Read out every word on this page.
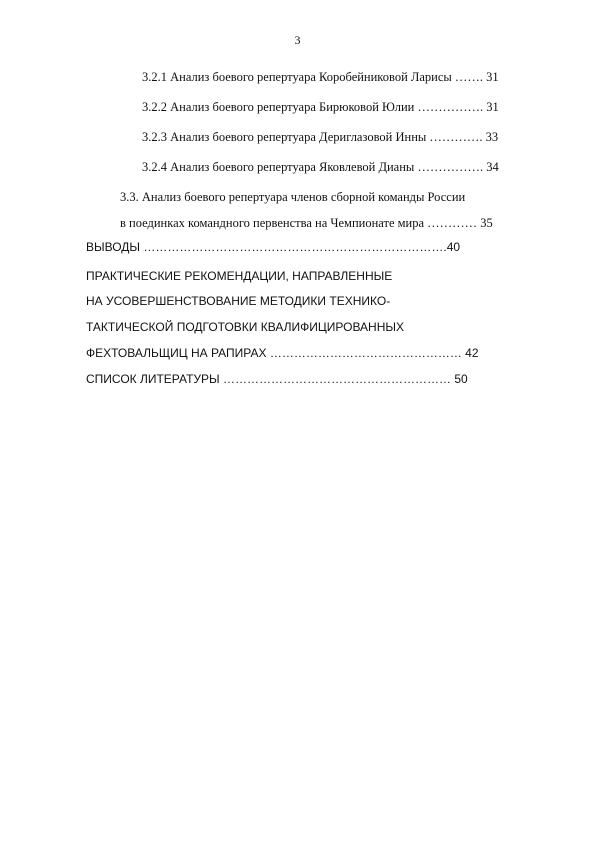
3
3.2.1 Анализ боевого репертуара Коробейниковой Ларисы ……. 31
3.2.2 Анализ боевого репертуара Бирюковой Юлии ……………. 31
3.2.3 Анализ боевого репертуара Дериглазовой Инны …………. 33
3.2.4 Анализ боевого репертуара Яковлевой Дианы ……………. 34
3.3. Анализ боевого репертуара членов сборной команды России
в поединках командного первенства на Чемпионате мира ………… 35
ВЫВОДЫ ………………………………………………………………….40
ПРАКТИЧЕСКИЕ РЕКОМЕНДАЦИИ, НАПРАВЛЕННЫЕ
НА УСОВЕРШЕНСТВОВАНИЕ МЕТОДИКИ ТЕХНИКО-
ТАКТИЧЕСКОЙ ПОДГОТОВКИ КВАЛИФИЦИРОВАННЫХ
ФЕХТОВАЛЬЩИЦ НА РАПИРАХ ………………………………………… 42
СПИСОК ЛИТЕРАТУРЫ ………………………………………………… 50
